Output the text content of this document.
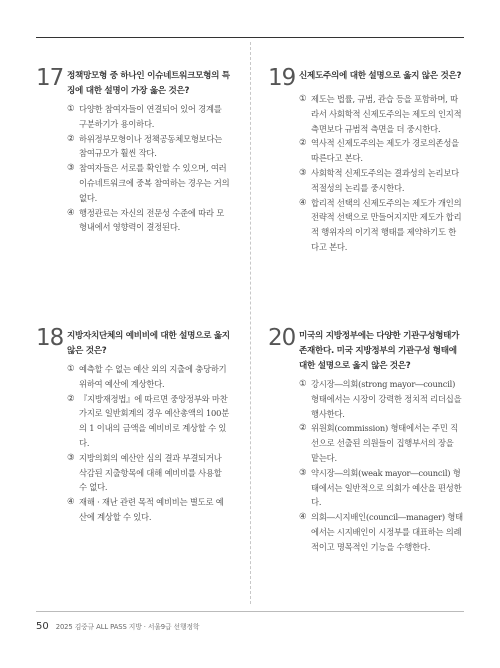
17 정책망모형 중 하나인 이슈네트워크모형의 특징에 대한 설명이 가장 옳은 것은?
① 다양한 참여자들이 연결되어 있어 경계를 구분하기가 용이하다.
② 하위정부모형이나 정책공동체모형보다는 참여규모가 훨씬 작다.
③ 참여자들은 서로를 확인할 수 있으며, 여러 이슈네트워크에 중복 참여하는 경우는 거의 없다.
④ 행정관료는 자신의 전문성 수준에 따라 모형내에서 영향력이 결정된다.
19 신제도주의에 대한 설명으로 옳지 않은 것은?
① 제도는 법률, 규범, 관습 등을 포함하며, 따라서 사회학적 신제도주의는 제도의 인지적 측면보다 규범적 측면을 더 중시한다.
② 역사적 신제도주의는 제도가 경로의존성을 따른다고 본다.
③ 사회학적 신제도주의는 결과성의 논리보다 적절성의 논리를 중시한다.
④ 합리적 선택의 신제도주의는 제도가 개인의 전략적 선택으로 만들어지지만 제도가 합리적 행위자의 이기적 행태를 제약하기도 한다고 본다.
18 지방자치단체의 예비비에 대한 설명으로 옳지 않은 것은?
① 예측할 수 없는 예산 외의 지출에 충당하기 위하여 예산에 계상한다.
② 『지방재정법』에 따르면 중앙정부와 마찬가지로 일반회계의 경우 예산총액의 100분의 1 이내의 금액을 예비비로 계상할 수 있다.
③ 지방의회의 예산안 심의 결과 부결되거나 삭감된 지출항목에 대해 예비비를 사용할 수 없다.
④ 재해 · 재난 관련 목적 예비비는 별도로 예산에 계상할 수 있다.
20 미국의 지방정부에는 다양한 기관구성형태가 존재한다. 미국 지방정부의 기관구성 형태에 대한 설명으로 옳지 않은 것은?
① 강시장―의회(strong mayor―council) 형태에서는 시장이 강력한 정치적 리더십을 행사한다.
② 위원회(commission) 형태에서는 주민 직선으로 선출된 의원들이 집행부서의 장을 맡는다.
③ 약시장―의회(weak mayor―council) 형태에서는 일반적으로 의회가 예산을 편성한다.
④ 의회―시지배인(council―manager) 형태에서는 시지배인이 시정부를 대표하는 의례적이고 명목적인 기능을 수행한다.
50 2025 김중규 ALL PASS 지방 · 서울9급 선행정학
